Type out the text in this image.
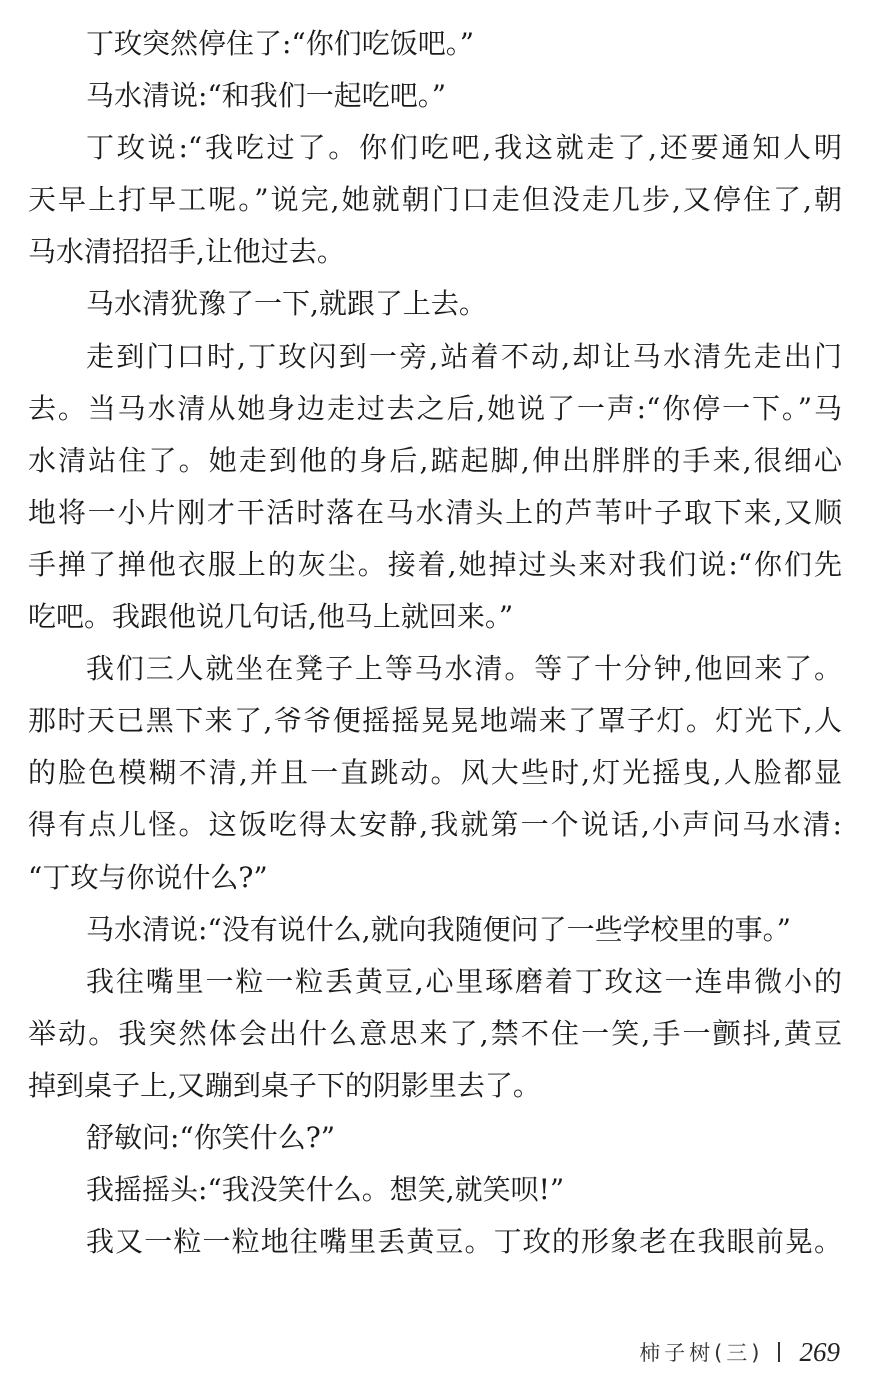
丁玫突然停住了:“你们吃饭吧。”
马水清说:“和我们一起吃吧。”
丁玫说:“我吃过了。你们吃吧,我这就走了,还要通知人明
天早上打早工呢。”说完,她就朝门口走但没走几步,又停住了,朝
马水清招招手,让他过去。
马水清犹豫了一下,就跟了上去。
走到门口时,丁玫闪到一旁,站着不动,却让马水清先走出门
去。当马水清从她身边走过去之后,她说了一声:“你停一下。”马
水清站住了。她走到他的身后,踮起脚,伸出胖胖的手来,很细心
地将一小片刚才干活时落在马水清头上的芦苇叶子取下来,又顺
手掸了掸他衣服上的灰尘。接着,她掉过头来对我们说:“你们先
吃吧。我跟他说几句话,他马上就回来。”
我们三人就坐在凳子上等马水清。等了十分钟,他回来了。
那时天已黑下来了,爷爷便摇摇晃晃地端来了罩子灯。灯光下,人
的脸色模糊不清,并且一直跳动。风大些时,灯光摇曳,人脸都显
得有点儿怪。这饭吃得太安静,我就第一个说话,小声问马水清:
“丁玫与你说什么?”
马水清说:“没有说什么,就向我随便问了一些学校里的事。”
我往嘴里一粒一粒丢黄豆,心里琢磨着丁玫这一连串微小的
举动。我突然体会出什么意思来了,禁不住一笑,手一颤抖,黄豆
掉到桌子上,又蹦到桌子下的阴影里去了。
舒敏问:“你笑什么?”
我摇摇头:“我没笑什么。想笑,就笑呗!”
我又一粒一粒地往嘴里丢黄豆。丁玫的形象老在我眼前晃。
柿子树(三) 269
